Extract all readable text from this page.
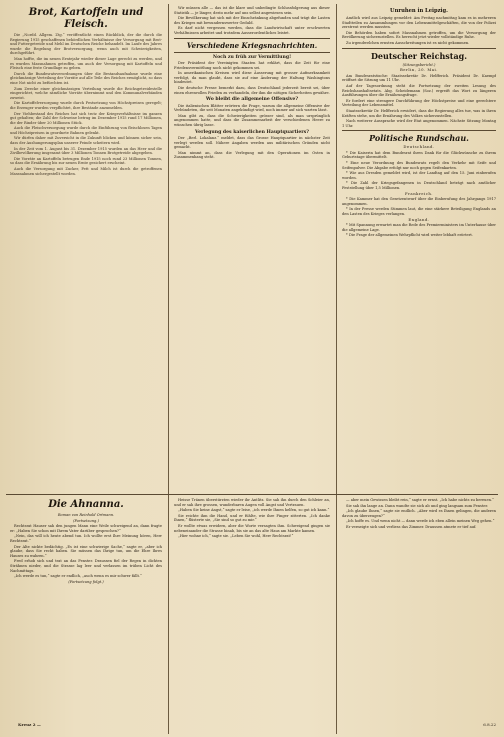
Brot, Kartoffeln und Fleisch.

Die „Nordd. Allgem. Ztg.“ veröffentlicht einen Rückblick, der die durch die Regierung 1915 geschaffenen behördlichen Verhältnisse der Versorgung mit Brot- und Futtergetreide und Mehl im Deutschen Reiche behandelt. Im Laufe des Jahres wurde die Regelung der Brotversorgung, wenn auch mit Schwierigkeiten, durchgeführt.

Man hoffte, die im neuen Erntejahr wieder dieser Lage gerecht zu werden, und es wurden Massnahmen getroffen, um auch der Versorgung mit Kartoffeln und Fleisch eine feste Grundlage zu geben.

Durch die Bundesratsverordnungen über die Bestandsaufnahme wurde eine gleichmässige Verteilung der Vorräte auf alle Teile des Reiches ermöglicht, so dass eine Not nicht zu befürchten ist.

Zum Zwecke einer gleichmässigen Verteilung wurde die Reichsgetreidestelle eingerichtet, welche sämtliche Vorräte übernimmt und den Kommunalverbänden zuweist.

Die Kartoffelversorgung wurde durch Festsetzung von Höchstpreisen geregelt; die Erzeuger wurden verpflichtet, ihre Bestände anzumelden.

Der Viehbestand des Reiches hat sich trotz der Kriegsverhältnisse im ganzen gut gehalten; die Zahl der Schweine betrug im Dezember 1915 rund 17 Millionen, die der Rinder über 20 Millionen Stück.

Auch die Fleischversorgung wurde durch die Einführung von fleischlosen Tagen und Höchstpreisen in geordnete Bahnen gelenkt.

Wir dürfen daher mit Zuversicht in die Zukunft blicken und können sicher sein, dass der Aushungerungsplan unserer Feinde scheitern wird.

In der Zeit vom 1. August bis 31. Dezember 1915 wurden an das Heer und die Zivilbevölkerung insgesamt über 3 Millionen Tonnen Brotgetreide abgegeben.

Die Vorräte an Kartoffeln betrugen Ende 1915 noch rund 23 Millionen Tonnen, so dass die Ernährung bis zur neuen Ernte gesichert erscheint.

Auch die Versorgung mit Zucker, Fett und Milch ist durch die getroffenen Massnahmen sichergestellt worden.

Die Ahnanna.
Roman von Reinhold Ortmann.
(Fortsetzung.)

Rechtsrat Hauser sah den jungen Mann eine Weile schweigend an, dann fragte er: „Haben Sie schon mit Ihrem Vater darüber gesprochen?“

„Nein, das will ich heute abend tun. Ich wollte erst Ihre Meinung hören, Herr Rechtsrat.“

Der Alte nickte bedächtig. „Es ist eine schwierige Sache,“ sagte er, „aber ich glaube, dass Sie recht haben. Sie müssen das Ihrige tun, um die Ehre Ihres Hauses zu wahren.“

Fred erhob sich und trat an das Fenster. Draussen fiel der Regen in dichten Strähnen nieder, und die Strasse lag leer und verlassen im trüben Licht des Nachmittags.

„Ich werde es tun,“ sagte er endlich, „auch wenn es mir schwer fällt.“

(Fortsetzung folgt.)

Wir müssen alle — das ist die klare und unbedingte Schlussfolgerung aus dieser Statistik — je länger, desto mehr auf uns selbst angewiesen sein.

Die Bevölkerung hat sich mit der Einschränkung abgefunden und trägt die Lasten des Krieges mit bewundernswerter Geduld.

Es darf nicht vergessen werden, dass die Landwirtschaft unter erschwerten Verhältnissen arbeitet und trotzdem Ausserordentliches leistet.

Verschiedene Kriegsnachrichten.
Noch zu früh zur Vermittlung!

Der Präsident der Vereinigten Staaten hat erklärt, dass die Zeit für eine Friedensvermittlung noch nicht gekommen sei.

In amerikanischen Kreisen wird diese Äusserung mit grosser Aufmerksamkeit verfolgt, da man glaubt, dass sie auf eine Änderung der Haltung Washingtons hindeutet.

Die deutsche Presse bemerkt dazu, dass Deutschland jederzeit bereit sei, über einen ehrenvollen Frieden zu verhandeln, der ihm die nötigen Sicherheiten gewähre.

Wo bleibt die allgemeine Offensive?

Die italienischen Blätter erörtern die Frage, warum die allgemeine Offensive der Verbündeten, die seit Monaten angekündigt wird, noch immer auf sich warten lässt.

Man gibt zu, dass die Schwierigkeiten grösser sind, als man ursprünglich angenommen hatte, und dass die Zusammenarbeit der verschiedenen Heere zu wünschen übrig lasse.

Verlegung des kaiserlichen Hauptquartiers?

Der „Berl. Lokalanz.“ meldet, dass das Grosse Hauptquartier in nächster Zeit verlegt werden soll. Nähere Angaben werden aus militärischen Gründen nicht gemacht.

Man nimmt an, dass die Verlegung mit den Operationen im Osten in Zusammenhang steht.

Heisse Tränen überstürzten wieder ihr Antlitz. Sie sah ihn durch den Schleier an, und er sah ihre grossen, wunderbaren Augen voll Angst und Vertrauen.

„Haben Sie keine Angst,“ sagte er leise, „ich werde Ihnen helfen, so gut ich kann.“

Sie reichte ihm die Hand, und er fühlte, wie ihre Finger zitterten. „Ich danke Ihnen,“ flüsterte sie, „Sie sind so gut zu mir.“

Er wollte etwas erwidern, aber die Worte versagten ihm. Schweigend gingen sie nebeneinander die Strasse hinab, bis sie an das alte Haus am Markte kamen.

„Hier wohne ich,“ sagte sie. „Leben Sie wohl, Herr Rechtsrat!“

Unruhen in Leipzig.

Amtlich wird aus Leipzig gemeldet: Am Freitag nachmittag kam es in mehreren Stadtteilen zu Ansammlungen vor den Lebensmittelgeschäften, die von der Polizei zerstreut werden mussten.

Die Behörden haben sofort Massnahmen getroffen, um die Versorgung der Bevölkerung sicherzustellen. Es herrscht jetzt wieder vollständige Ruhe.

Zu irgendwelchen ernsten Ausschreitungen ist es nicht gekommen.

Deutscher Reichstag.
(Sitzungsbericht.)
Berlin, 20. Mai.

Am Bundesratstische: Staatssekretär Dr. Helfferich. Präsident Dr. Kaempf eröffnet die Sitzung um 11 Uhr.

Auf der Tagesordnung steht die Fortsetzung der zweiten Lesung des Reichshaushaltsetats. Abg. Scheidemann (Soz.) ergreift das Wort zu längeren Ausführungen über die Ernährungsfrage.

Er fordert eine strengere Durchführung der Höchstpreise und eine gerechtere Verteilung der Lebensmittel.

Staatssekretär Dr. Helfferich erwidert, dass die Regierung alles tue, was in ihren Kräften stehe, um die Ernährung des Volkes sicherzustellen.

Nach weiterer Aussprache wird der Etat angenommen. Nächste Sitzung Montag 1 Uhr.

Politische Rundschau.
Deutschland.

* Die Kaiserin hat dem Bundesrat ihren Dank für die Glückwünsche zu ihrem Geburtstage übermittelt.

* Eine neue Verordnung des Bundesrats regelt den Verkehr mit Seife und Seifenpulver. Die Abgabe erfolgt nur noch gegen Seifenkarten.

* Wie aus Dresden gemeldet wird, ist der Landtag auf den 15. Juni einberufen worden.

* Die Zahl der Kriegsgefangenen in Deutschland beträgt nach amtlicher Feststellung über 1,5 Millionen.

Frankreich.

* Die Kammer hat den Gesetzentwurf über die Einberufung des Jahrgangs 1917 angenommen.

* In der Presse werden Stimmen laut, die eine stärkere Beteiligung Englands an den Lasten des Krieges verlangen.

England.

* Mit Spannung erwartet man die Rede des Premierministers im Unterhause über die allgemeine Lage.

* Die Frage der allgemeinen Wehrpflicht wird weiter lebhaft erörtert.

— aber mein Gewissen bleibt rein,“ sagte er ernst. „Ich habe nichts zu bereuen.“

Sie sah ihn lange an. Dann wandte sie sich ab und ging langsam zum Fenster.

„Ich glaube Ihnen,“ sagte sie endlich. „Aber wird es Ihnen gelingen, die anderen davon zu überzeugen?“

„Ich hoffe es. Und wenn nicht — dann werde ich eben allein meinen Weg gehen.“

Er verneigte sich und verliess das Zimmer. Draussen atmete er tief auf.

Kreuz 2 —	6.8.22
